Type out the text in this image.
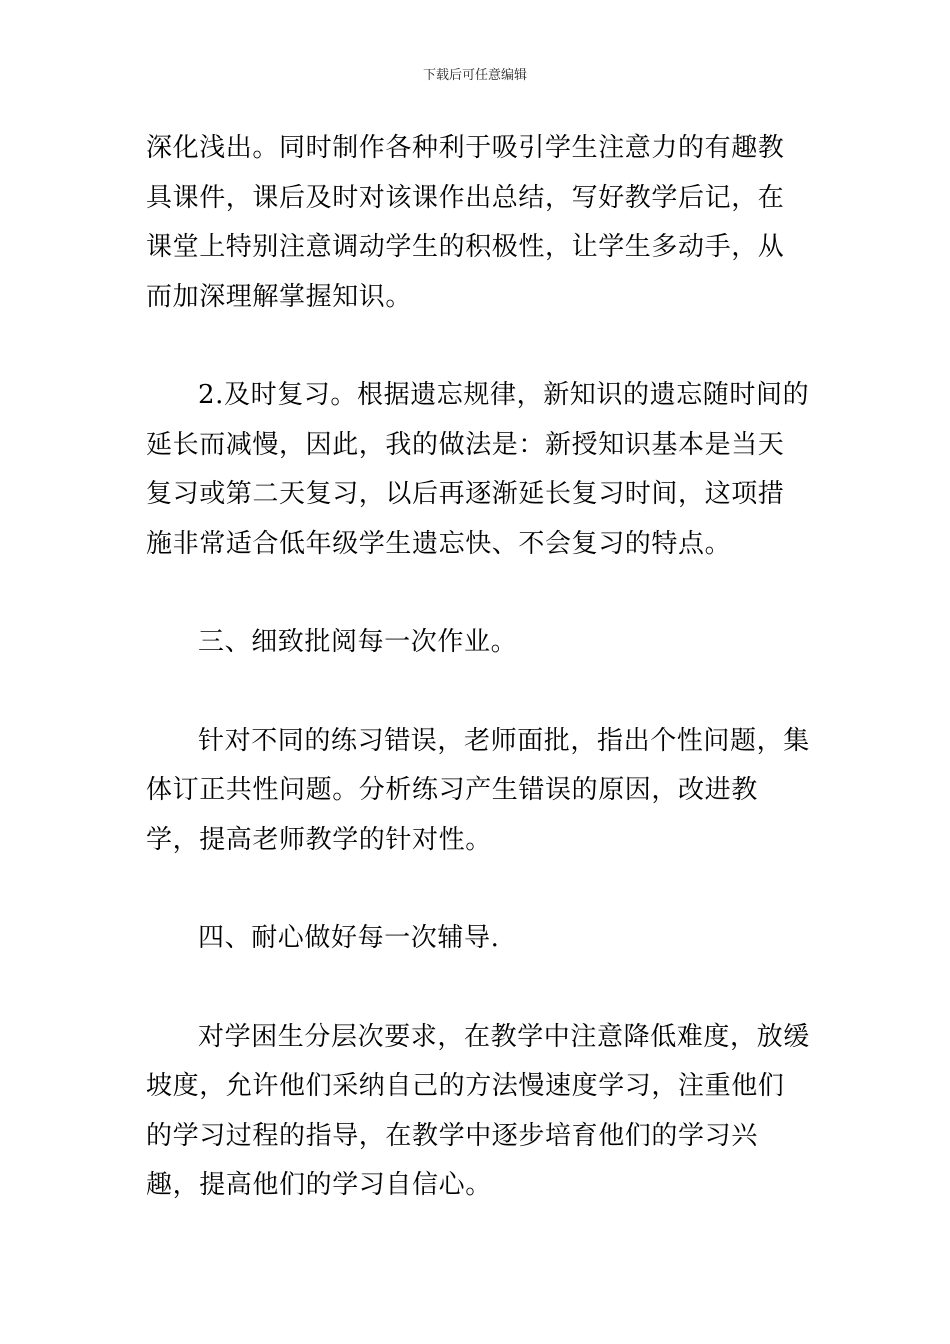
下载后可任意编辑

深化浅出。同时制作各种利于吸引学生注意力的有趣教具课件，课后及时对该课作出总结，写好教学后记，在课堂上特别注意调动学生的积极性，让学生多动手，从而加深理解掌握知识。

2.及时复习。根据遗忘规律，新知识的遗忘随时间的延长而减慢，因此，我的做法是：新授知识基本是当天复习或第二天复习，以后再逐渐延长复习时间，这项措施非常适合低年级学生遗忘快、不会复习的特点。

三、细致批阅每一次作业。

针对不同的练习错误，老师面批，指出个性问题，集体订正共性问题。分析练习产生错误的原因，改进教学，提高老师教学的针对性。

四、耐心做好每一次辅导.

对学困生分层次要求，在教学中注意降低难度，放缓坡度，允许他们采纳自己的方法慢速度学习，注重他们的学习过程的指导，在教学中逐步培育他们的学习兴趣，提高他们的学习自信心。
